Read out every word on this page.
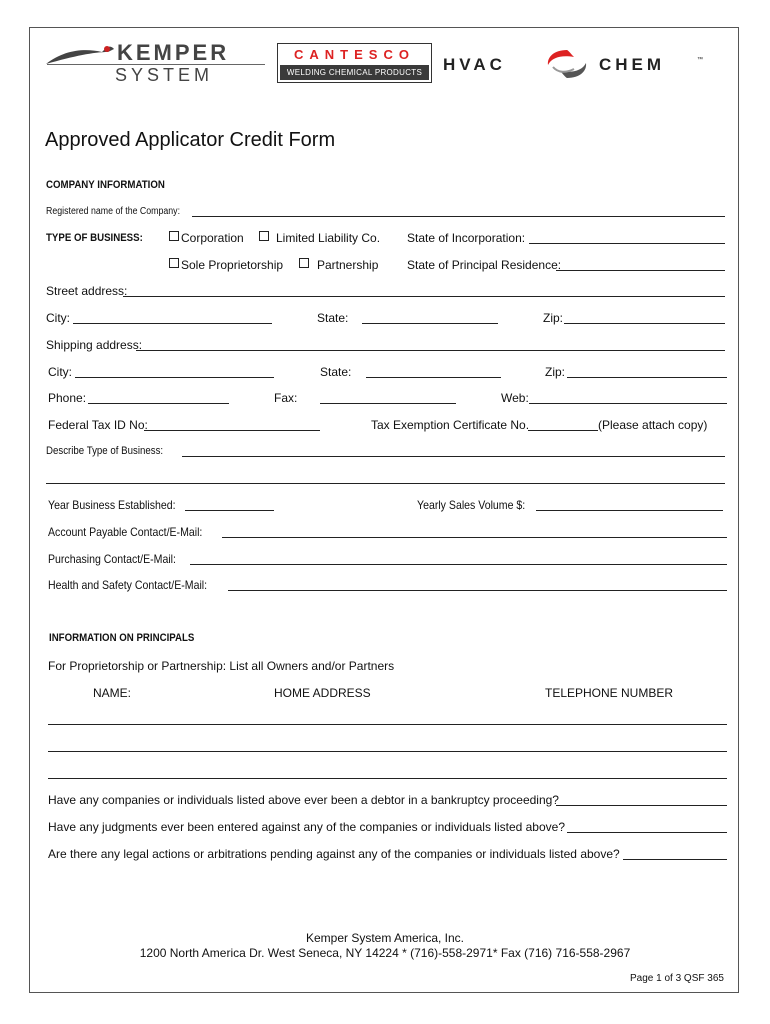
KEMPER
SYSTEM
CANTESCO
WELDING CHEMICAL PRODUCTS	HVAC	CHEM	™
Approved Applicator Credit Form
COMPANY INFORMATION
Registered name of the Company:
TYPE OF BUSINESS:	Corporation	Limited Liability Co. State of Incorporation:
Sole Proprietorship	Partnership State of Principal Residence:
Street address:
City:	State:	Zip:
Shipping address:
City:	State:	Zip:
Phone:	Fax:	Web:
Federal Tax ID No:	Tax Exemption Certificate No.	(Please attach copy)
Describe Type of Business:
Year Business Established:	Yearly Sales Volume $:
Account Payable Contact/E-Mail:
Purchasing Contact/E-Mail:
Health and Safety Contact/E-Mail:
INFORMATION ON PRINCIPALS
For Proprietorship or Partnership: List all Owners and/or Partners
NAME:	HOME ADDRESS	TELEPHONE NUMBER
Have any companies or individuals listed above ever been a debtor in a bankruptcy proceeding?
Have any judgments ever been entered against any of the companies or individuals listed above?
Are there any legal actions or arbitrations pending against any of the companies or individuals listed above?
Kemper System America, Inc.
1200 North America Dr. West Seneca, NY 14224 * (716)-558-2971* Fax (716) 716-558-2967
Page 1 of 3 QSF 365
